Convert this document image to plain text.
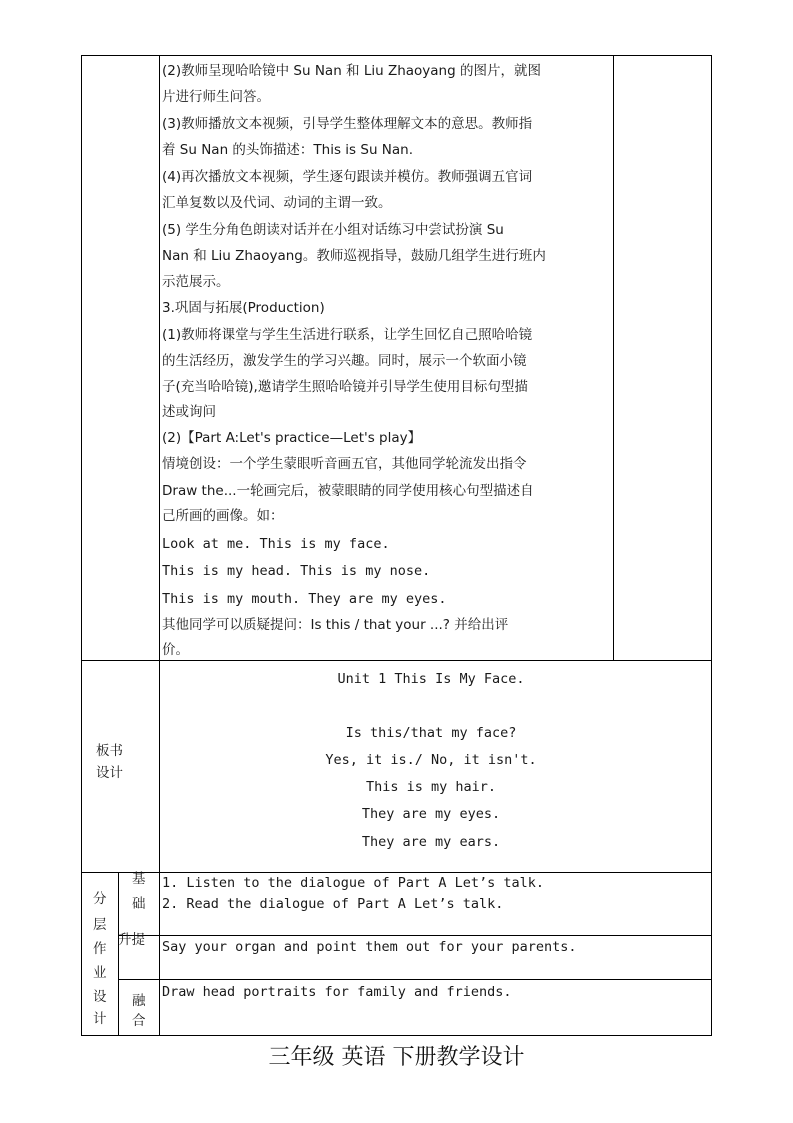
(2)教师呈现哈哈镜中 Su Nan 和 Liu Zhaoyang 的图片，就图
片进行师生问答。
(3)教师播放文本视频，引导学生整体理解文本的意思。教师指
着 Su Nan 的头饰描述：This is Su Nan.
(4)再次播放文本视频，学生逐句跟读并模仿。教师强调五官词
汇单复数以及代词、动词的主谓一致。
(5) 学生分角色朗读对话并在小组对话练习中尝试扮演 Su
Nan 和 Liu Zhaoyang。教师巡视指导，鼓励几组学生进行班内
示范展示。
3.巩固与拓展(Production)
(1)教师将课堂与学生生活进行联系，让学生回忆自己照哈哈镜
的生活经历，激发学生的学习兴趣。同时，展示一个软面小镜
子(充当哈哈镜),邀请学生照哈哈镜并引导学生使用目标句型描
述或询问
(2)【Part A:Let's practice—Let's play】
情境创设：一个学生蒙眼听音画五官，其他同学轮流发出指令
Draw the...一轮画完后，被蒙眼睛的同学使用核心句型描述自
己所画的画像。如：
Look at me. This is my face.
This is my head. This is my nose.
This is my mouth. They are my eyes.
其他同学可以质疑提问：Is this / that your ...? 并给出评
价。
板书
设计
Unit 1 This Is My Face.
Is this/that my face?
Yes, it is./ No, it isn't.
This is my hair.
They are my eyes.
They are my ears.
分
层
作
业
设
计
基
础
1. Listen to the dialogue of Part A Let’s talk.
2. Read the dialogue of Part A Let’s talk.
升提 Say your organ and point them out for your parents.
融
合
Draw head portraits for family and friends.
三年级 英语 下册教学设计
